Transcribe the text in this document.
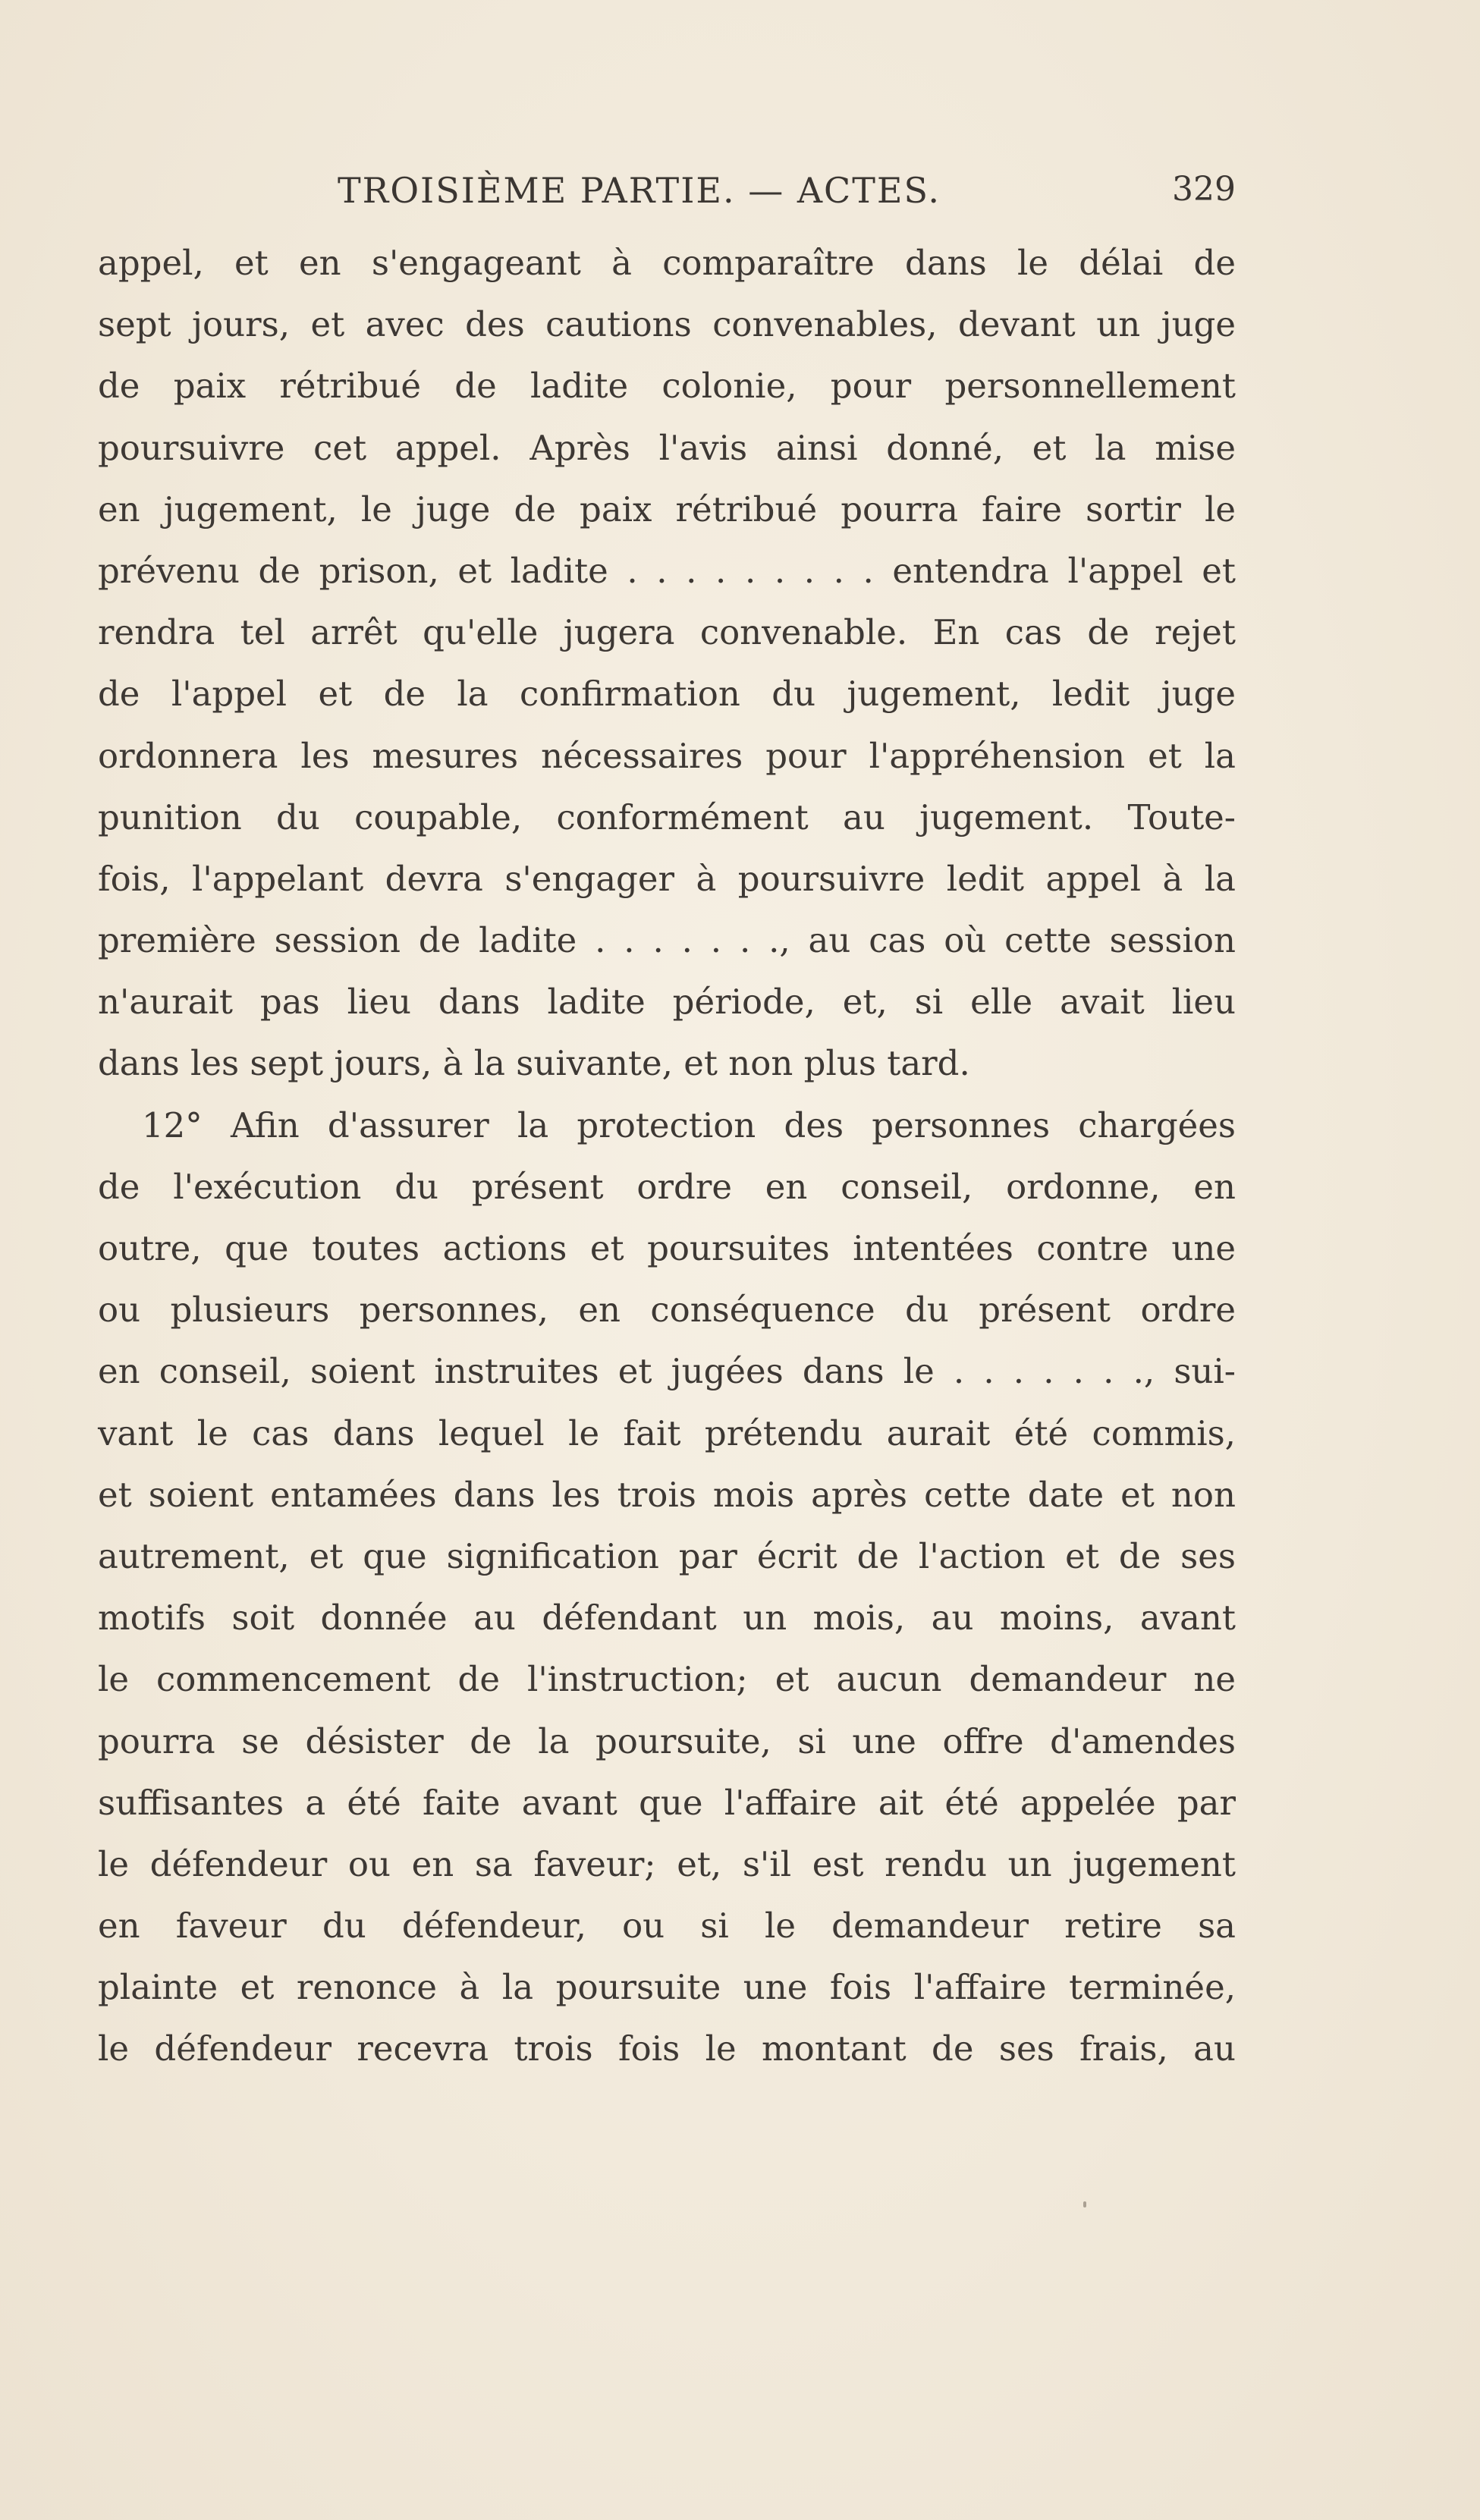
TROISIÈME PARTIE. — ACTES.	329
appel, et en s'engageant à comparaître dans le délai de
sept jours, et avec des cautions convenables, devant un juge
de paix rétribué de ladite colonie, pour personnellement
poursuivre cet appel. Après l'avis ainsi donné, et la mise
en jugement, le juge de paix rétribué pourra faire sortir le
prévenu de prison, et ladite . . . . . . . . . entendra l'appel et
rendra tel arrêt qu'elle jugera convenable. En cas de rejet
de l'appel et de la confirmation du jugement, ledit juge
ordonnera les mesures nécessaires pour l'appréhension et la
punition du coupable, conformément au jugement. Toute-
fois, l'appelant devra s'engager à poursuivre ledit appel à la
première session de ladite . . . . . . ., au cas où cette session
n'aurait pas lieu dans ladite période, et, si elle avait lieu
dans les sept jours, à la suivante, et non plus tard.
12° Afin d'assurer la protection des personnes chargées
de l'exécution du présent ordre en conseil, ordonne, en
outre, que toutes actions et poursuites intentées contre une
ou plusieurs personnes, en conséquence du présent ordre
en conseil, soient instruites et jugées dans le . . . . . . ., sui-
vant le cas dans lequel le fait prétendu aurait été commis,
et soient entamées dans les trois mois après cette date et non
autrement, et que signification par écrit de l'action et de ses
motifs soit donnée au défendant un mois, au moins, avant
le commencement de l'instruction; et aucun demandeur ne
pourra se désister de la poursuite, si une offre d'amendes
suffisantes a été faite avant que l'affaire ait été appelée par
le défendeur ou en sa faveur; et, s'il est rendu un jugement
en faveur du défendeur, ou si le demandeur retire sa
plainte et renonce à la poursuite une fois l'affaire terminée,
le défendeur recevra trois fois le montant de ses frais, au
